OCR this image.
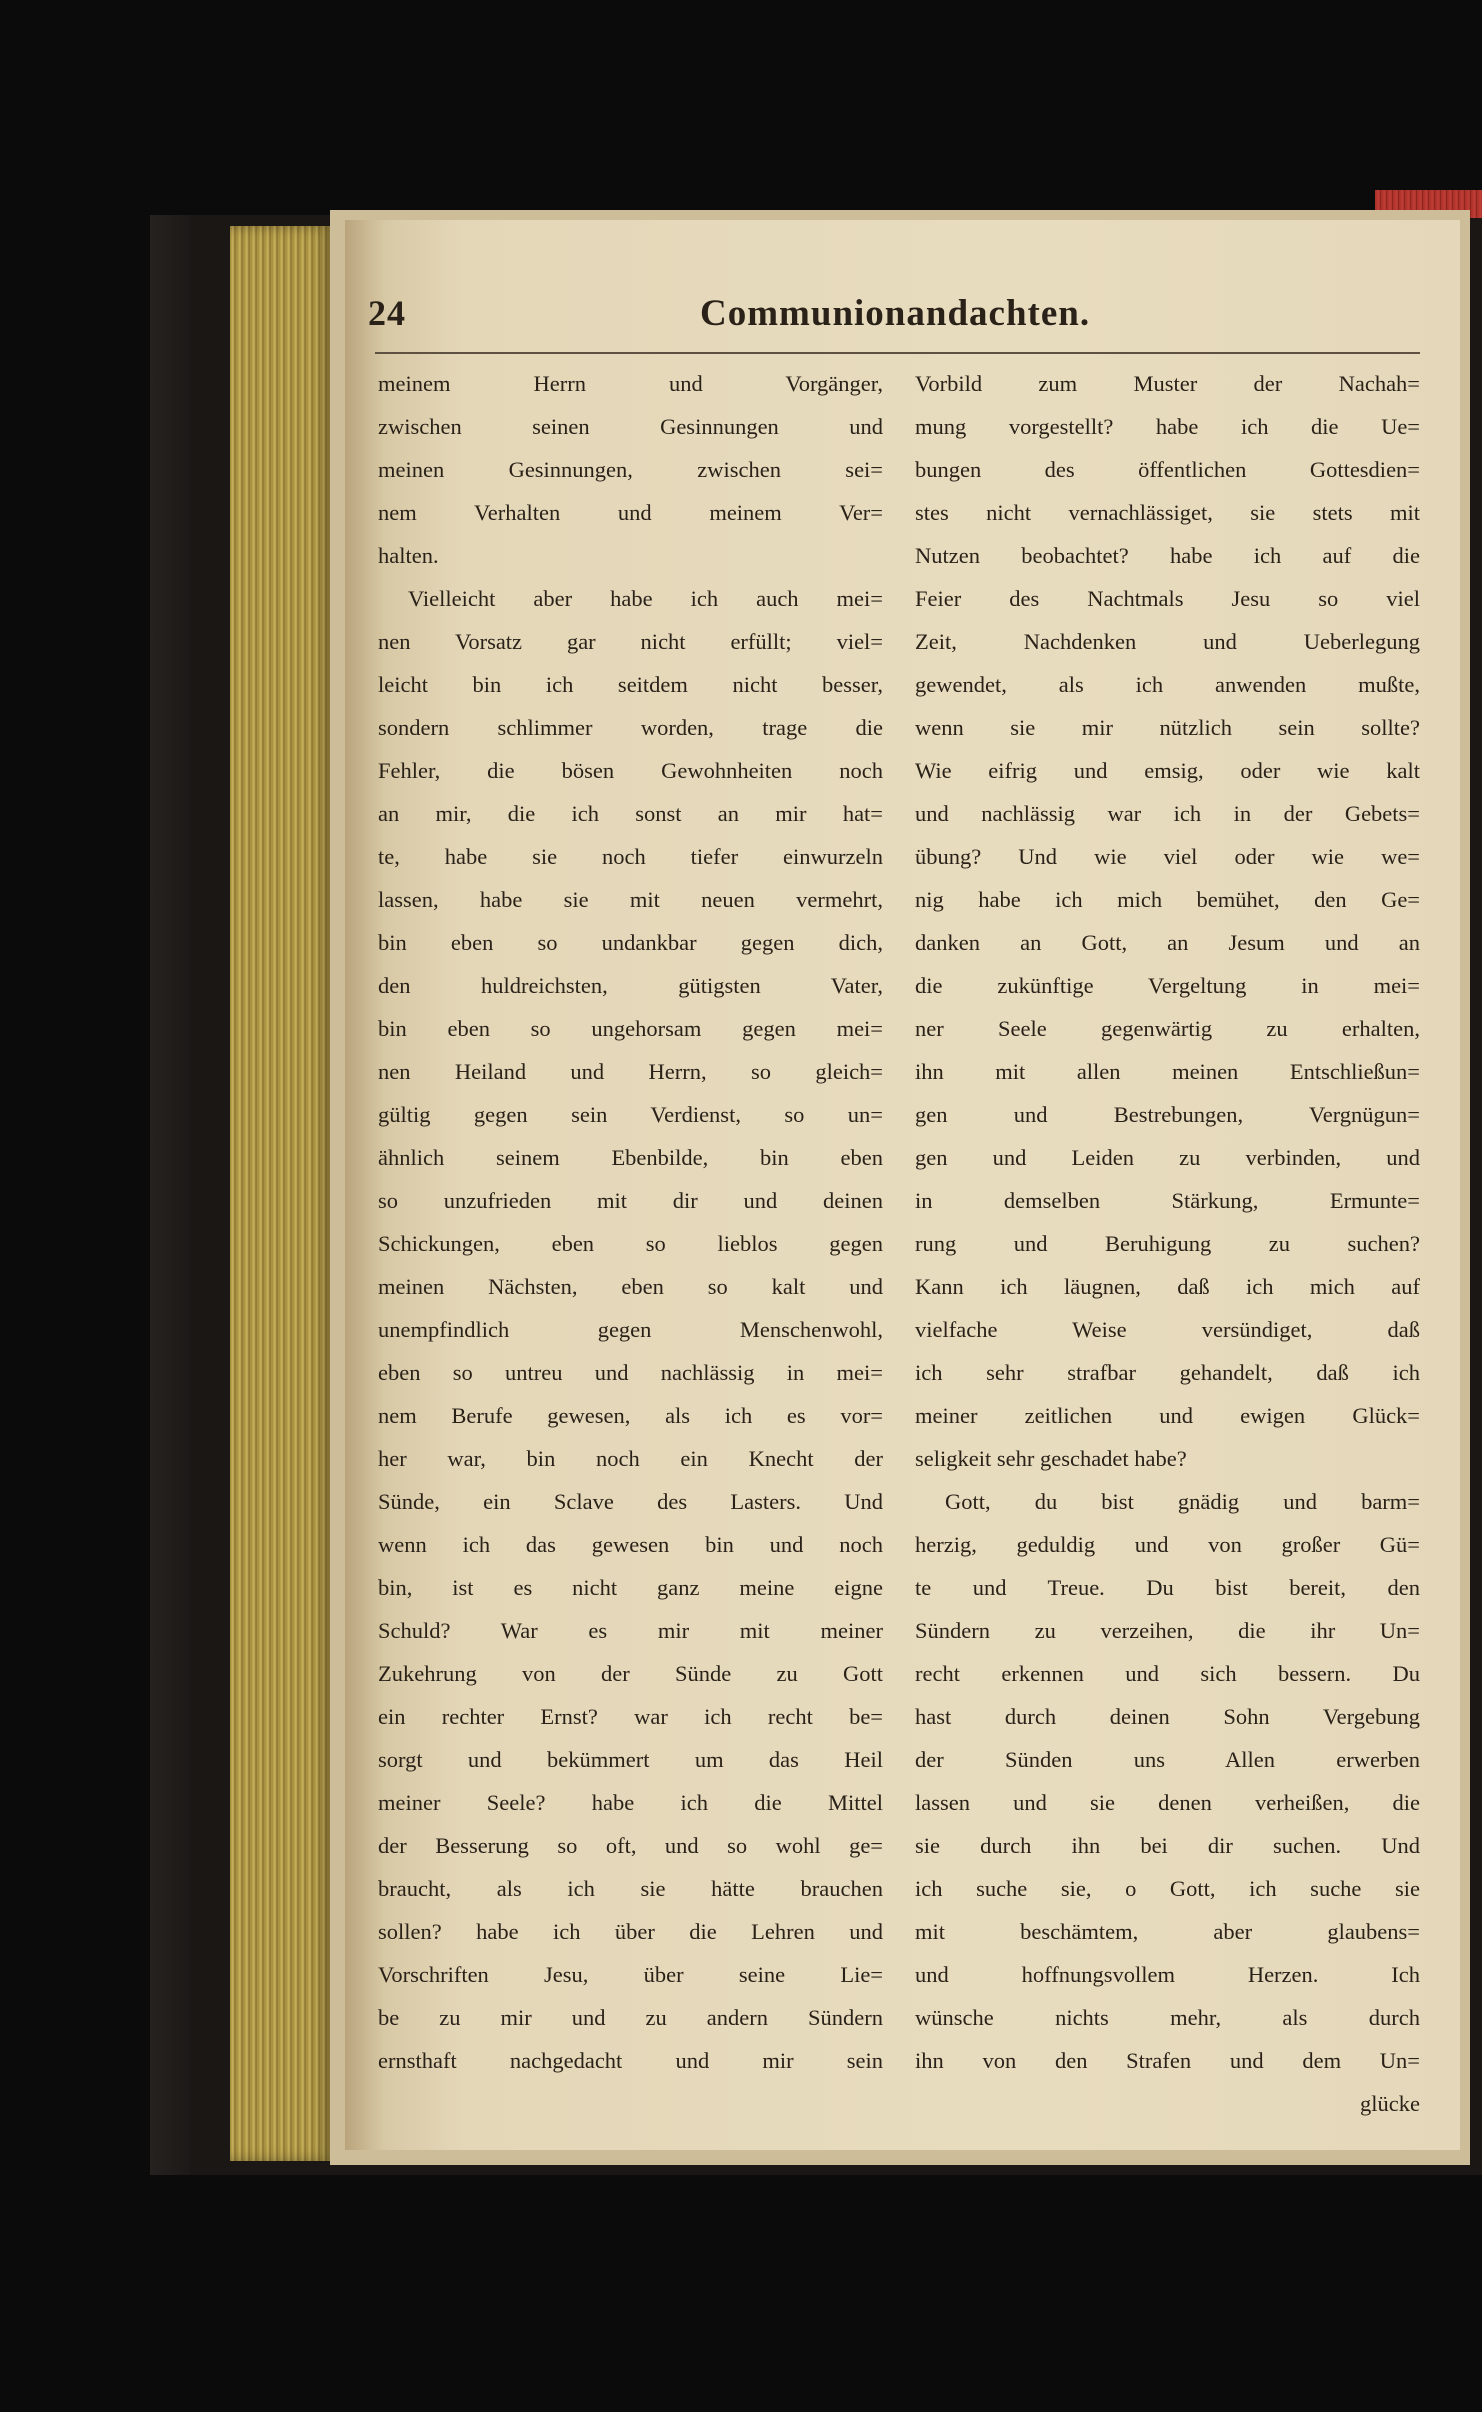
24	Communionandachten.
meinem Herrn und Vorgänger,
zwischen seinen Gesinnungen und
meinen Gesinnungen, zwischen sei=
nem Verhalten und meinem Ver=
halten.
Vielleicht aber habe ich auch mei=
nen Vorsatz gar nicht erfüllt; viel=
leicht bin ich seitdem nicht besser,
sondern schlimmer worden, trage die
Fehler, die bösen Gewohnheiten noch
an mir, die ich sonst an mir hat=
te, habe sie noch tiefer einwurzeln
lassen, habe sie mit neuen vermehrt,
bin eben so undankbar gegen dich,
den huldreichsten, gütigsten Vater,
bin eben so ungehorsam gegen mei=
nen Heiland und Herrn, so gleich=
gültig gegen sein Verdienst, so un=
ähnlich seinem Ebenbilde, bin eben
so unzufrieden mit dir und deinen
Schickungen, eben so lieblos gegen
meinen Nächsten, eben so kalt und
unempfindlich gegen Menschenwohl,
eben so untreu und nachlässig in mei=
nem Berufe gewesen, als ich es vor=
her war, bin noch ein Knecht der
Sünde, ein Sclave des Lasters. Und
wenn ich das gewesen bin und noch
bin, ist es nicht ganz meine eigne
Schuld? War es mir mit meiner
Zukehrung von der Sünde zu Gott
ein rechter Ernst? war ich recht be=
sorgt und bekümmert um das Heil
meiner Seele? habe ich die Mittel
der Besserung so oft, und so wohl ge=
braucht, als ich sie hätte brauchen
sollen? habe ich über die Lehren und
Vorschriften Jesu, über seine Lie=
be zu mir und zu andern Sündern
ernsthaft nachgedacht und mir sein
Vorbild zum Muster der Nachah=
mung vorgestellt? habe ich die Ue=
bungen des öffentlichen Gottesdien=
stes nicht vernachlässiget, sie stets mit
Nutzen beobachtet? habe ich auf die
Feier des Nachtmals Jesu so viel
Zeit, Nachdenken und Ueberlegung
gewendet, als ich anwenden mußte,
wenn sie mir nützlich sein sollte?
Wie eifrig und emsig, oder wie kalt
und nachlässig war ich in der Gebets=
übung? Und wie viel oder wie we=
nig habe ich mich bemühet, den Ge=
danken an Gott, an Jesum und an
die zukünftige Vergeltung in mei=
ner Seele gegenwärtig zu erhalten,
ihn mit allen meinen Entschließun=
gen und Bestrebungen, Vergnügun=
gen und Leiden zu verbinden, und
in demselben Stärkung, Ermunte=
rung und Beruhigung zu suchen?
Kann ich läugnen, daß ich mich auf
vielfache Weise versündiget, daß
ich sehr strafbar gehandelt, daß ich
meiner zeitlichen und ewigen Glück=
seligkeit sehr geschadet habe?
Gott, du bist gnädig und barm=
herzig, geduldig und von großer Gü=
te und Treue. Du bist bereit, den
Sündern zu verzeihen, die ihr Un=
recht erkennen und sich bessern. Du
hast durch deinen Sohn Vergebung
der Sünden uns Allen erwerben
lassen und sie denen verheißen, die
sie durch ihn bei dir suchen. Und
ich suche sie, o Gott, ich suche sie
mit beschämtem, aber glaubens=
und hoffnungsvollem Herzen. Ich
wünsche nichts mehr, als durch
ihn von den Strafen und dem Un=
glücke
